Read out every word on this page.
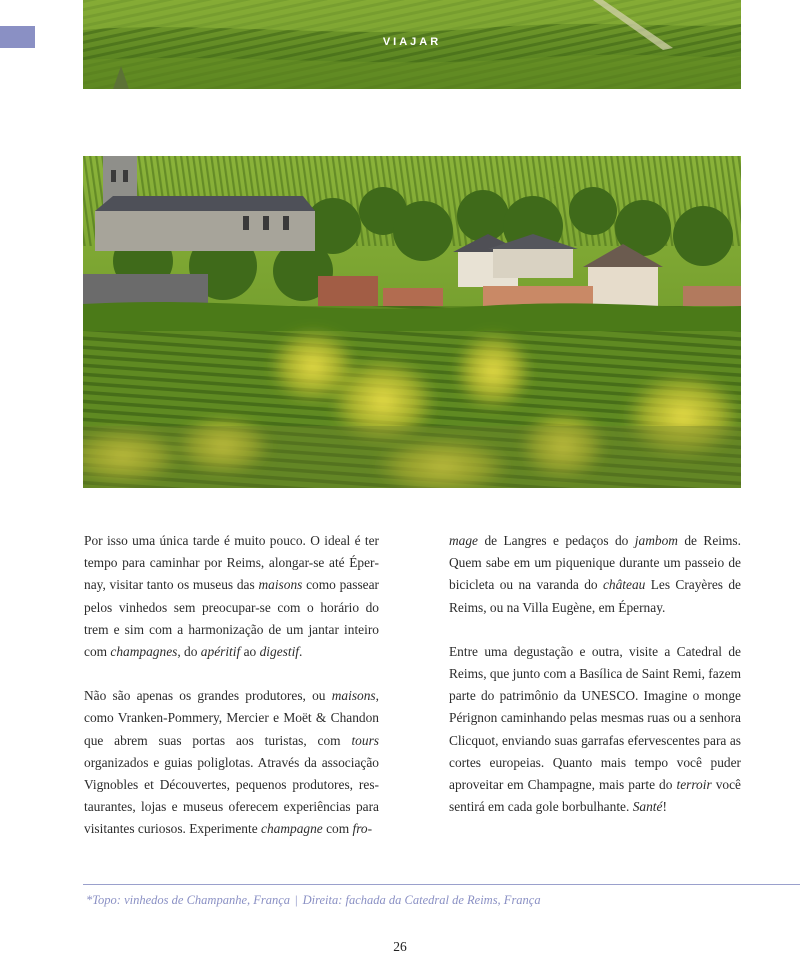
VIAJAR

Por isso uma única tarde é muito pouco. O ideal é ter tempo para caminhar por Reims, alongar-se até Épernay, visitar tanto os museus das maisons como passear pelos vinhedos sem preocupar-se com o horário do trem e sim com a harmonização de um jantar inteiro com champagnes, do apéritif ao digestif.

Não são apenas os grandes produtores, ou maisons, como Vranken-Pommery, Mercier e Moët & Chandon que abrem suas portas aos turistas, com tours organizados e guias poliglotas. Através da associação Vignobles et Découvertes, pequenos produtores, restaurantes, lojas e museus oferecem experiências para visitantes curiosos. Experimente champagne com fro-

mage de Langres e pedaços do jambom de Reims. Quem sabe em um piquenique durante um passeio de bicicleta ou na varanda do château Les Crayères de Reims, ou na Villa Eugène, em Épernay.

Entre uma degustação e outra, visite a Catedral de Reims, que junto com a Basílica de Saint Remi, fazem parte do patrimônio da UNESCO. Imagine o monge Pérignon caminhando pelas mesmas ruas ou a senhora Clicquot, enviando suas garrafas efervescentes para as cortes europeias. Quanto mais tempo você puder aproveitar em Champagne, mais parte do terroir você sentirá em cada gole borbulhante. Santé!

*Topo: vinhedos de Champanhe, França | Direita: fachada da Catedral de Reims, França
26
